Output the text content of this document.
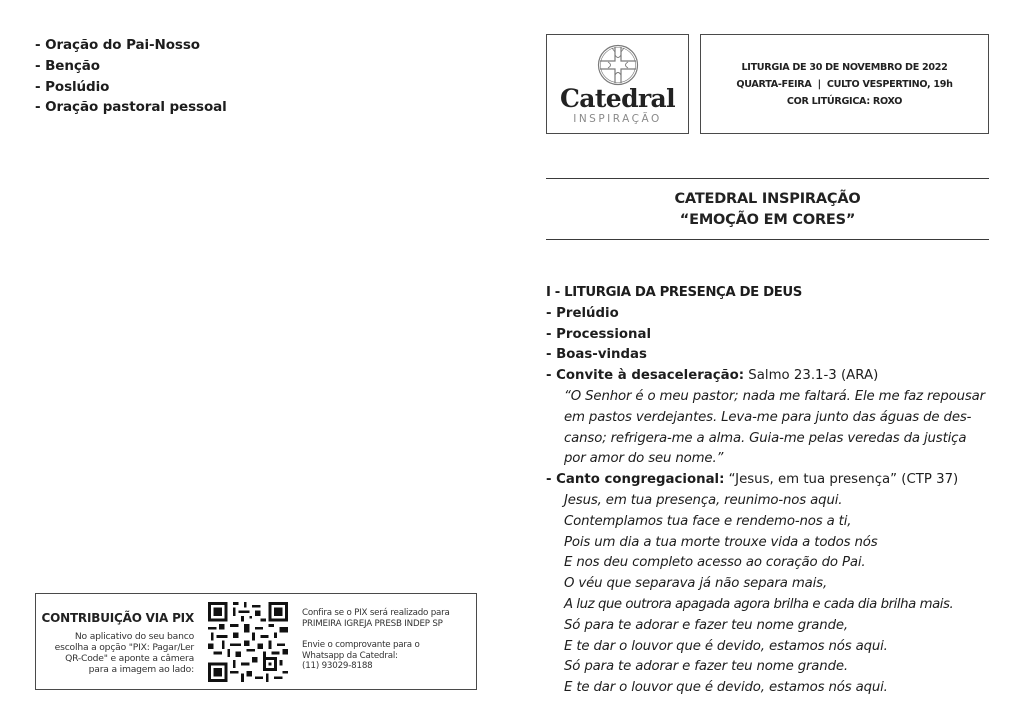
- Oração do Pai-Nosso
- Benção
- Poslúdio
- Oração pastoral pessoal
CONTRIBUIÇÃO VIA PIX
No aplicativo do seu banco
escolha a opção "PIX: Pagar/Ler
QR-Code" e aponte a câmera
para a imagem ao lado:
Confira se o PIX será realizado para
PRIMEIRA IGREJA PRESB INDEP SP
Envie o comprovante para o
Whatsapp da Catedral:
(11) 93029-8188
Catedral
INSPIRAÇÃO
LITURGIA DE 30 DE NOVEMBRO DE 2022
QUARTA-FEIRA  |  CULTO VESPERTINO, 19h
COR LITÚRGICA: ROXO
CATEDRAL INSPIRAÇÃO
“EMOÇÃO EM CORES”
I - LITURGIA DA PRESENÇA DE DEUS
- Prelúdio
- Processional
- Boas-vindas
- Convite à desaceleração: Salmo 23.1-3 (ARA)
“O Senhor é o meu pastor; nada me faltará. Ele me faz repousar
em pastos verdejantes. Leva-me para junto das águas de des-
canso; refrigera-me a alma. Guia-me pelas veredas da justiça
por amor do seu nome.”
- Canto congregacional: “Jesus, em tua presença” (CTP 37)
Jesus, em tua presença, reunimo-nos aqui.
Contemplamos tua face e rendemo-nos a ti,
Pois um dia a tua morte trouxe vida a todos nós
E nos deu completo acesso ao coração do Pai.
O véu que separava já não separa mais,
A luz que outrora apagada agora brilha e cada dia brilha mais.
Só para te adorar e fazer teu nome grande,
E te dar o louvor que é devido, estamos nós aqui.
Só para te adorar e fazer teu nome grande.
E te dar o louvor que é devido, estamos nós aqui.
